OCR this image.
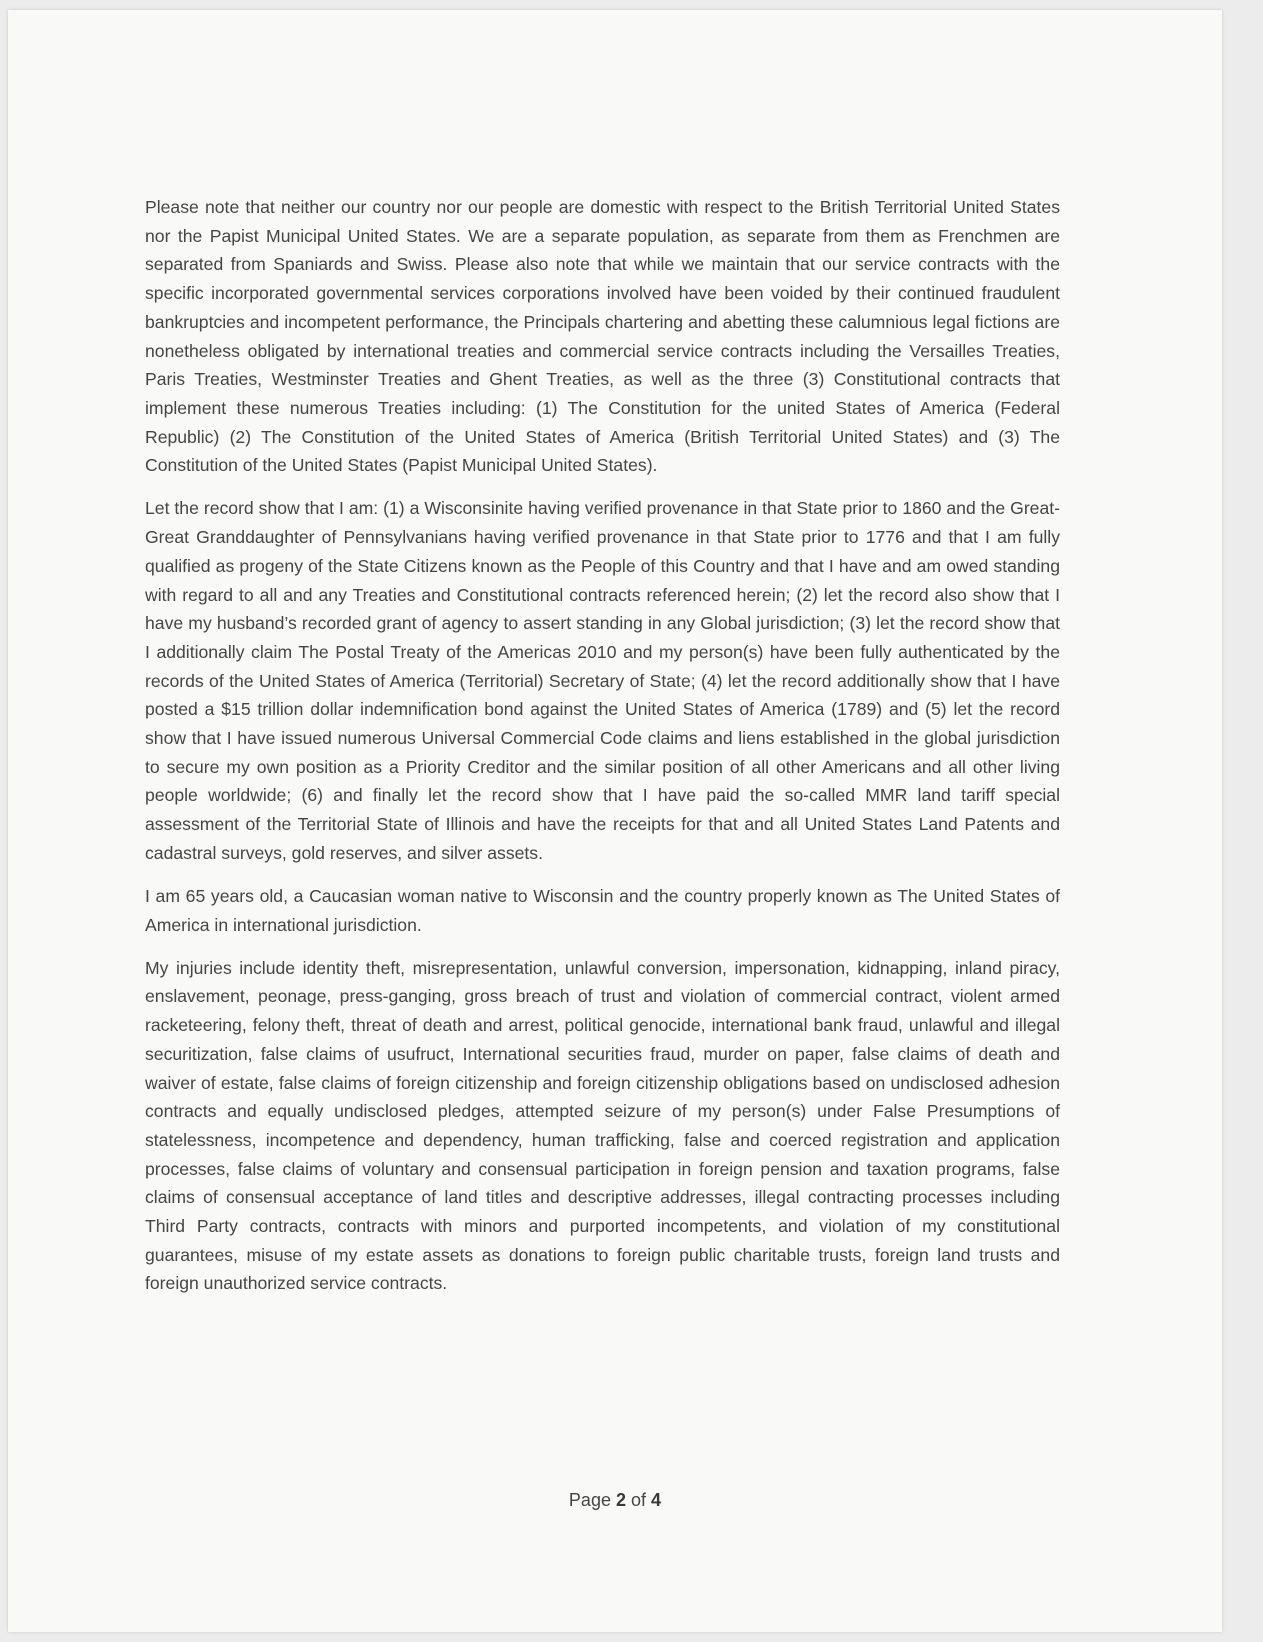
Please note that neither our country nor our people are domestic with respect to the British Territorial United States nor the Papist Municipal United States. We are a separate population, as separate from them as Frenchmen are separated from Spaniards and Swiss. Please also note that while we maintain that our service contracts with the specific incorporated governmental services corporations involved have been voided by their continued fraudulent bankruptcies and incompetent performance, the Principals chartering and abetting these calumnious legal fictions are nonetheless obligated by international treaties and commercial service contracts including the Versailles Treaties, Paris Treaties, Westminster Treaties and Ghent Treaties, as well as the three (3) Constitutional contracts that implement these numerous Treaties including: (1) The Constitution for the united States of America (Federal Republic) (2) The Constitution of the United States of America (British Territorial United States) and (3) The Constitution of the United States (Papist Municipal United States).

Let the record show that I am: (1) a Wisconsinite having verified provenance in that State prior to 1860 and the Great-Great Granddaughter of Pennsylvanians having verified provenance in that State prior to 1776 and that I am fully qualified as progeny of the State Citizens known as the People of this Country and that I have and am owed standing with regard to all and any Treaties and Constitutional contracts referenced herein; (2) let the record also show that I have my husband’s recorded grant of agency to assert standing in any Global jurisdiction; (3) let the record show that I additionally claim The Postal Treaty of the Americas 2010 and my person(s) have been fully authenticated by the records of the United States of America (Territorial) Secretary of State; (4) let the record additionally show that I have posted a $15 trillion dollar indemnification bond against the United States of America (1789) and (5) let the record show that I have issued numerous Universal Commercial Code claims and liens established in the global jurisdiction to secure my own position as a Priority Creditor and the similar position of all other Americans and all other living people worldwide; (6) and finally let the record show that I have paid the so-called MMR land tariff special assessment of the Territorial State of Illinois and have the receipts for that and all United States Land Patents and cadastral surveys, gold reserves, and silver assets.

I am 65 years old, a Caucasian woman native to Wisconsin and the country properly known as The United States of America in international jurisdiction.

My injuries include identity theft, misrepresentation, unlawful conversion, impersonation, kidnapping, inland piracy, enslavement, peonage, press-ganging, gross breach of trust and violation of commercial contract, violent armed racketeering, felony theft, threat of death and arrest, political genocide, international bank fraud, unlawful and illegal securitization, false claims of usufruct, International securities fraud, murder on paper, false claims of death and waiver of estate, false claims of foreign citizenship and foreign citizenship obligations based on undisclosed adhesion contracts and equally undisclosed pledges, attempted seizure of my person(s) under False Presumptions of statelessness, incompetence and dependency, human trafficking, false and coerced registration and application processes, false claims of voluntary and consensual participation in foreign pension and taxation programs, false claims of consensual acceptance of land titles and descriptive addresses, illegal contracting processes including Third Party contracts, contracts with minors and purported incompetents, and violation of my constitutional guarantees, misuse of my estate assets as donations to foreign public charitable trusts, foreign land trusts and foreign unauthorized service contracts.

Page 2 of 4
